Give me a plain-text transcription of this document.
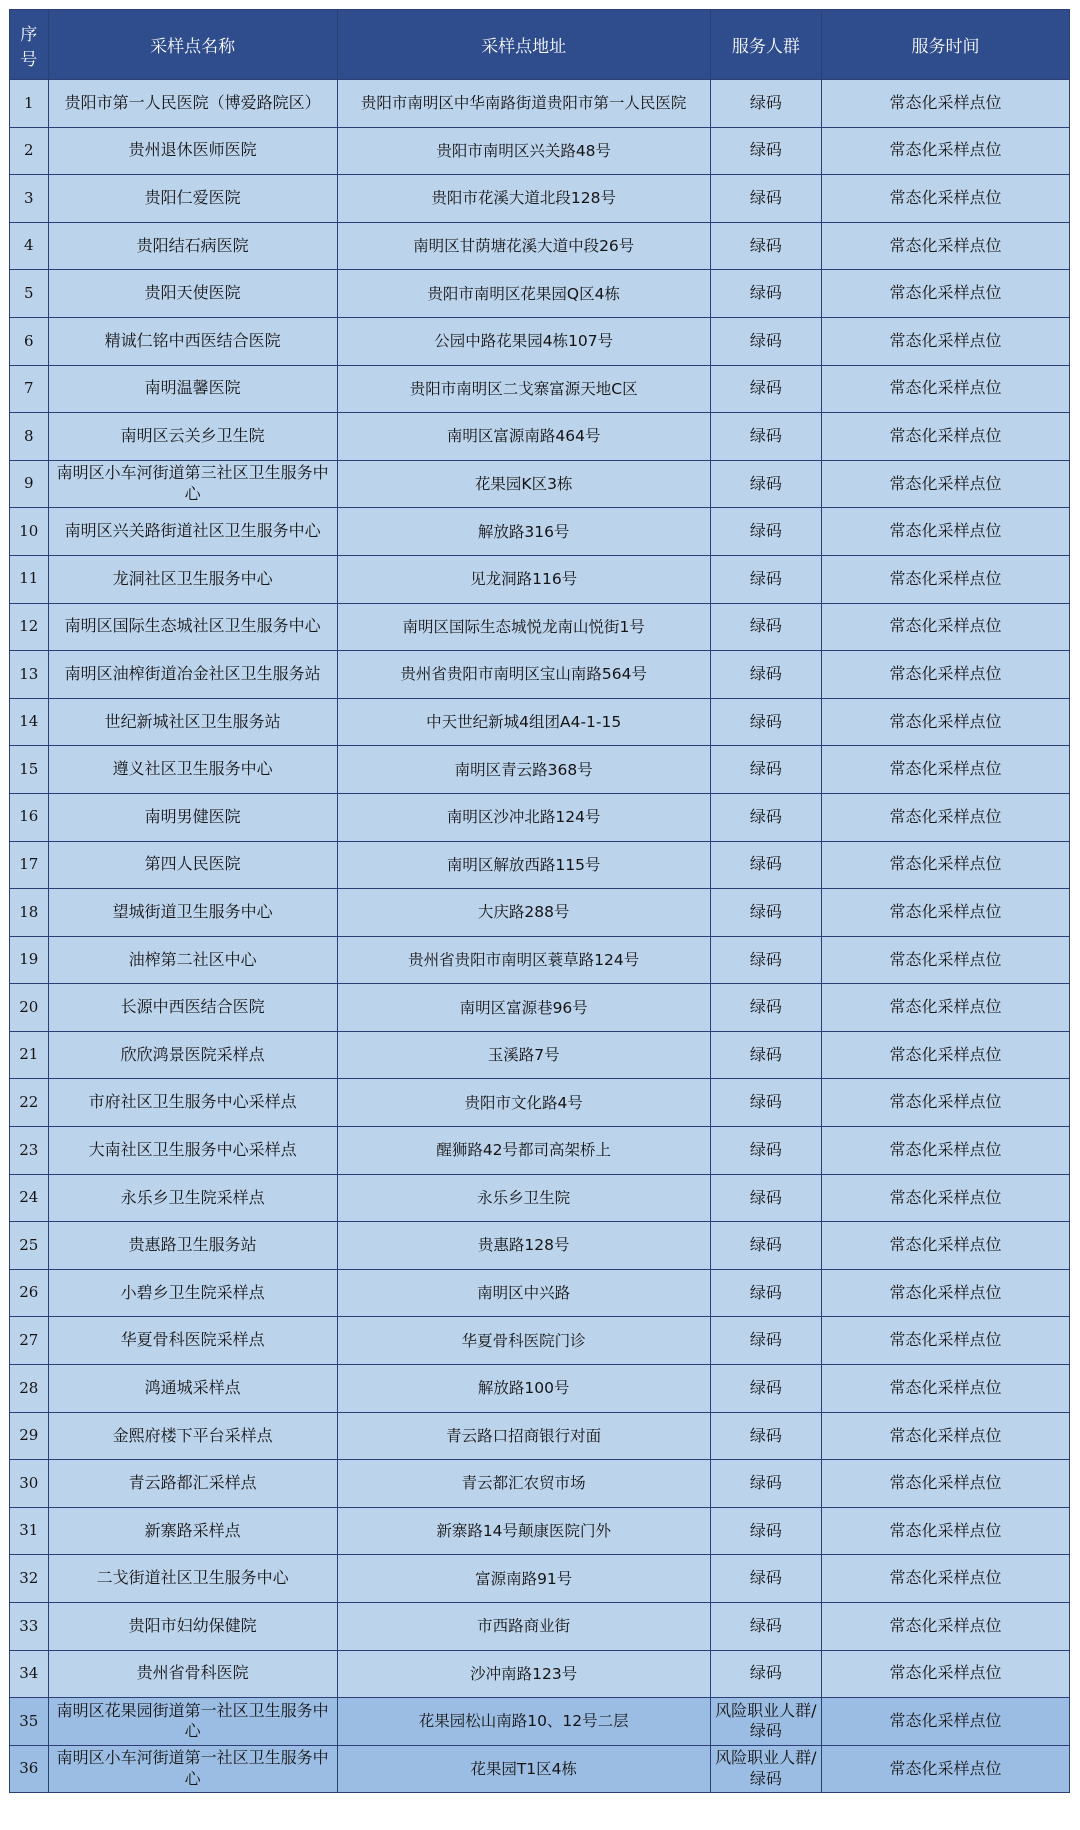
序号	采样点名称	采样点地址	服务人群	服务时间
1	贵阳市第一人民医院（博爱路院区）	贵阳市南明区中华南路街道贵阳市第一人民医院	绿码	常态化采样点位
2	贵州退休医师医院	贵阳市南明区兴关路48号	绿码	常态化采样点位
3	贵阳仁爱医院	贵阳市花溪大道北段128号	绿码	常态化采样点位
4	贵阳结石病医院	南明区甘荫塘花溪大道中段26号	绿码	常态化采样点位
5	贵阳天使医院	贵阳市南明区花果园Q区4栋	绿码	常态化采样点位
6	精诚仁铭中西医结合医院	公园中路花果园4栋107号	绿码	常态化采样点位
7	南明温馨医院	贵阳市南明区二戈寨富源天地C区	绿码	常态化采样点位
8	南明区云关乡卫生院	南明区富源南路464号	绿码	常态化采样点位
9	南明区小车河街道第三社区卫生服务中心	花果园K区3栋	绿码	常态化采样点位
10	南明区兴关路街道社区卫生服务中心	解放路316号	绿码	常态化采样点位
11	龙洞社区卫生服务中心	见龙洞路116号	绿码	常态化采样点位
12	南明区国际生态城社区卫生服务中心	南明区国际生态城悦龙南山悦街1号	绿码	常态化采样点位
13	南明区油榨街道冶金社区卫生服务站	贵州省贵阳市南明区宝山南路564号	绿码	常态化采样点位
14	世纪新城社区卫生服务站	中天世纪新城4组团A4-1-15	绿码	常态化采样点位
15	遵义社区卫生服务中心	南明区青云路368号	绿码	常态化采样点位
16	南明男健医院	南明区沙冲北路124号	绿码	常态化采样点位
17	第四人民医院	南明区解放西路115号	绿码	常态化采样点位
18	望城街道卫生服务中心	大庆路288号	绿码	常态化采样点位
19	油榨第二社区中心	贵州省贵阳市南明区蓑草路124号	绿码	常态化采样点位
20	长源中西医结合医院	南明区富源巷96号	绿码	常态化采样点位
21	欣欣鸿景医院采样点	玉溪路7号	绿码	常态化采样点位
22	市府社区卫生服务中心采样点	贵阳市文化路4号	绿码	常态化采样点位
23	大南社区卫生服务中心采样点	醒狮路42号都司高架桥上	绿码	常态化采样点位
24	永乐乡卫生院采样点	永乐乡卫生院	绿码	常态化采样点位
25	贵惠路卫生服务站	贵惠路128号	绿码	常态化采样点位
26	小碧乡卫生院采样点	南明区中兴路	绿码	常态化采样点位
27	华夏骨科医院采样点	华夏骨科医院门诊	绿码	常态化采样点位
28	鸿通城采样点	解放路100号	绿码	常态化采样点位
29	金熙府楼下平台采样点	青云路口招商银行对面	绿码	常态化采样点位
30	青云路都汇采样点	青云都汇农贸市场	绿码	常态化采样点位
31	新寨路采样点	新寨路14号颠康医院门外	绿码	常态化采样点位
32	二戈街道社区卫生服务中心	富源南路91号	绿码	常态化采样点位
33	贵阳市妇幼保健院	市西路商业街	绿码	常态化采样点位
34	贵州省骨科医院	沙冲南路123号	绿码	常态化采样点位
35	南明区花果园街道第一社区卫生服务中心	花果园松山南路10、12号二层	风险职业人群/绿码	常态化采样点位
36	南明区小车河街道第一社区卫生服务中心	花果园T1区4栋	风险职业人群/绿码	常态化采样点位
